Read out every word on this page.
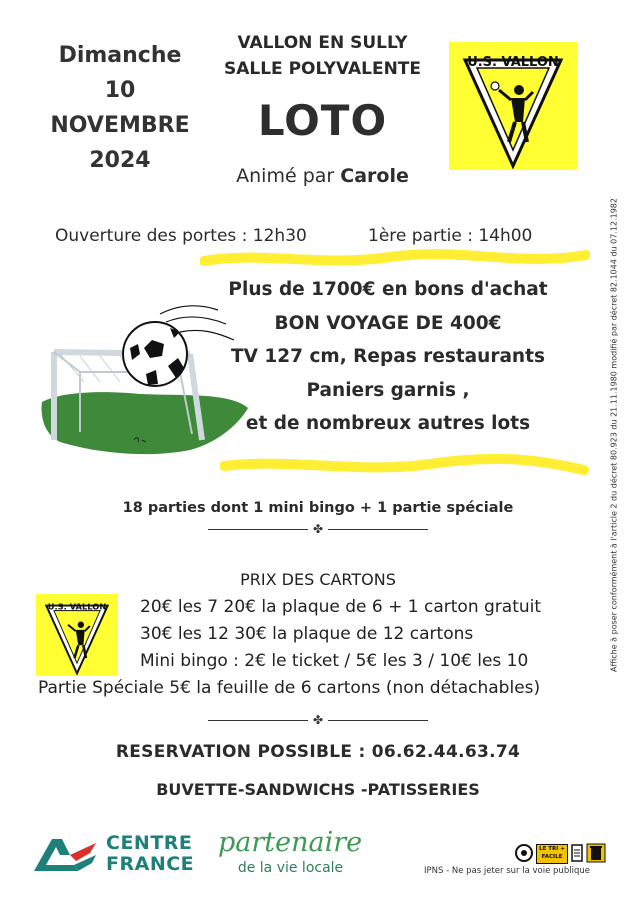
Dimanche
10
NOVEMBRE
2024
VALLON EN SULLY
SALLE POLYVALENTE
LOTO
Animé par Carole
U.S. VALLON
Affiche à poser conformément à l'article 2 du décret 80.923 du 21.11.1980 modifié par décret 82.1044 du 07.12.1982
Ouverture des portes : 12h30	1ère partie : 14h00
Plus de 1700€ en bons d'achat
BON VOYAGE DE 400€
TV 127 cm, Repas restaurants
Paniers garnis ,
et de nombreux autres lots
18 parties dont 1 mini bingo + 1 partie spéciale
✤
PRIX DES CARTONS
U.S. VALLON 20€ les 7 20€ la plaque de 6 + 1 carton gratuit
30€ les 12 30€ la plaque de 12 cartons
Mini bingo : 2€ le ticket / 5€ les 3 / 10€ les 10
Partie Spéciale 5€ la feuille de 6 cartons (non détachables)
✤
RESERVATION POSSIBLE : 06.62.44.63.74
BUVETTE-SANDWICHS -PATISSERIES
CENTRE
FRANCE
partenaire
de la vie locale
LE TRI + FACILE
IPNS - Ne pas jeter sur la voie publique
